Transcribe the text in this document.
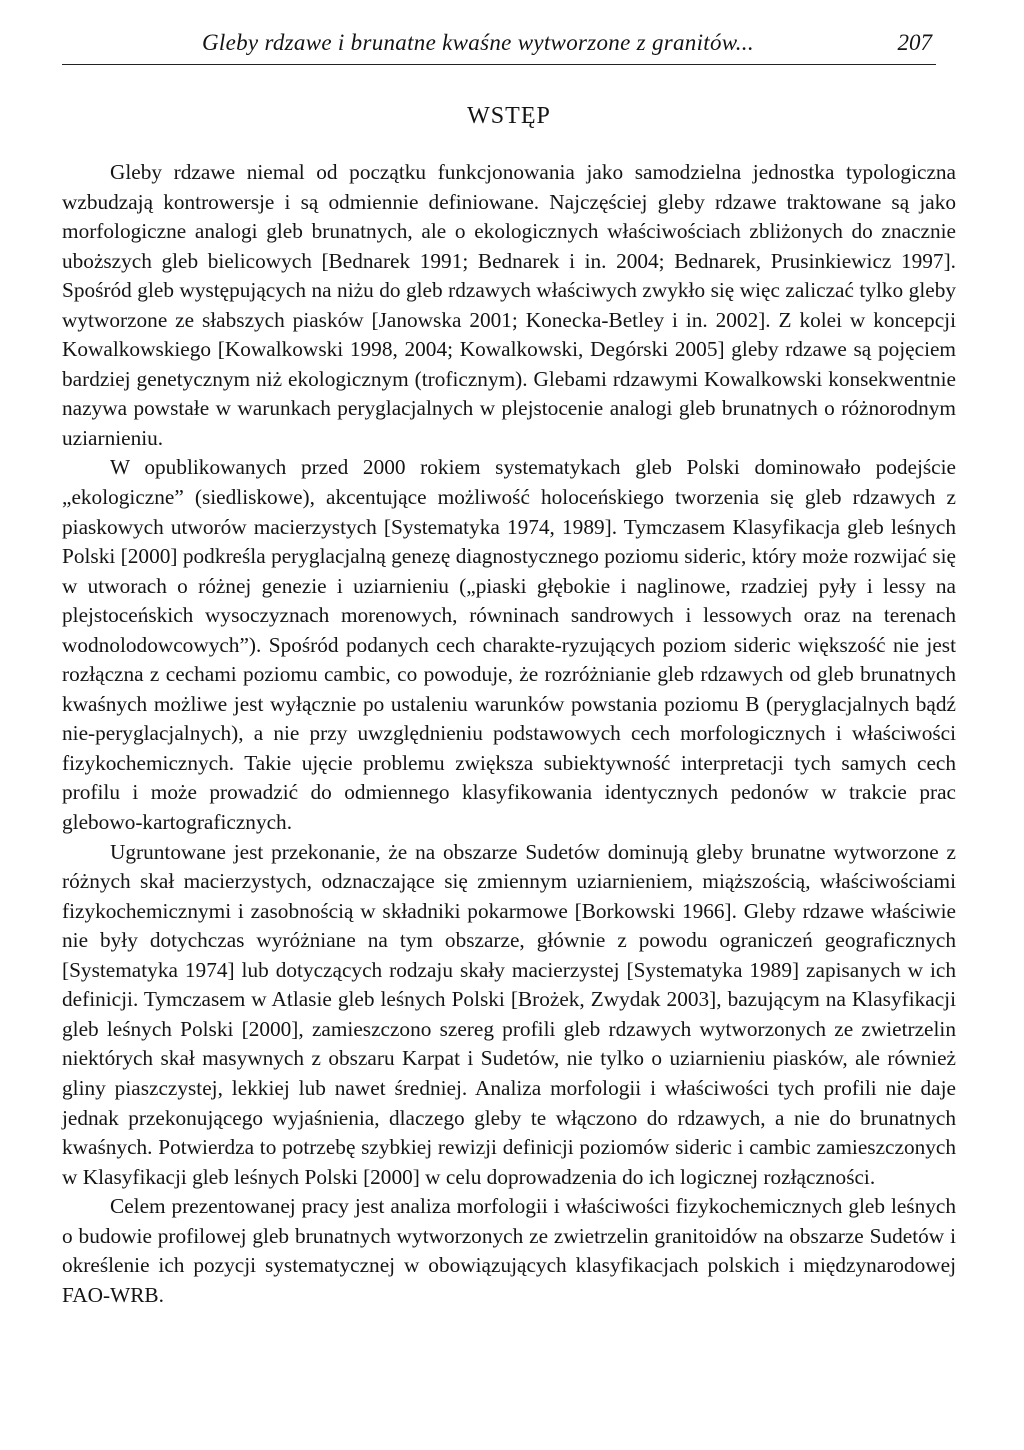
Gleby rdzawe i brunatne kwaśne wytworzone z granitów...	207
WSTĘP

Gleby rdzawe niemal od początku funkcjonowania jako samodzielna jednostka typologiczna wzbudzają kontrowersje i są odmiennie definiowane. Najczęściej gleby rdzawe traktowane są jako morfologiczne analogi gleb brunatnych, ale o ekologicznych właściwościach zbliżonych do znacznie uboższych gleb bielicowych [Bednarek 1991; Bednarek i in. 2004; Bednarek, Prusinkiewicz 1997]. Spośród gleb występujących na niżu do gleb rdzawych właściwych zwykło się więc zaliczać tylko gleby wytworzone ze słabszych piasków [Janowska 2001; Konecka-Betley i in. 2002]. Z kolei w koncepcji Kowalkowskiego [Kowalkowski 1998, 2004; Kowalkowski, Degórski 2005] gleby rdzawe są pojęciem bardziej genetycznym niż ekologicznym (troficznym). Glebami rdzawymi Kowalkowski konsekwentnie nazywa powstałe w warunkach peryglacjalnych w plejstocenie analogi gleb brunatnych o różnorodnym uziarnieniu.

W opublikowanych przed 2000 rokiem systematykach gleb Polski dominowało podejście „ekologiczne” (siedliskowe), akcentujące możliwość holoceńskiego tworzenia się gleb rdzawych z piaskowych utworów macierzystych [Systematyka 1974, 1989]. Tymczasem Klasyfikacja gleb leśnych Polski [2000] podkreśla peryglacjalną genezę diagnostycznego poziomu sideric, który może rozwijać się w utworach o różnej genezie i uziarnieniu („piaski głębokie i naglinowe, rzadziej pyły i lessy na plejstoceńskich wysoczyznach morenowych, równinach sandrowych i lessowych oraz na terenach wodnolodowcowych”). Spośród podanych cech charakte-ryzujących poziom sideric większość nie jest rozłączna z cechami poziomu cambic, co powoduje, że rozróżnianie gleb rdzawych od gleb brunatnych kwaśnych możliwe jest wyłącznie po ustaleniu warunków powstania poziomu B (peryglacjalnych bądź nie-peryglacjalnych), a nie przy uwzględnieniu podstawowych cech morfologicznych i właściwości fizykochemicznych. Takie ujęcie problemu zwiększa subiektywność interpretacji tych samych cech profilu i może prowadzić do odmiennego klasyfikowania identycznych pedonów w trakcie prac glebowo-kartograficznych.

Ugruntowane jest przekonanie, że na obszarze Sudetów dominują gleby brunatne wytworzone z różnych skał macierzystych, odznaczające się zmiennym uziarnieniem, miąższością, właściwościami fizykochemicznymi i zasobnością w składniki pokarmowe [Borkowski 1966]. Gleby rdzawe właściwie nie były dotychczas wyróżniane na tym obszarze, głównie z powodu ograniczeń geograficznych [Systematyka 1974] lub dotyczących rodzaju skały macierzystej [Systematyka 1989] zapisanych w ich definicji. Tymczasem w Atlasie gleb leśnych Polski [Brożek, Zwydak 2003], bazującym na Klasyfikacji gleb leśnych Polski [2000], zamieszczono szereg profili gleb rdzawych wytworzonych ze zwietrzelin niektórych skał masywnych z obszaru Karpat i Sudetów, nie tylko o uziarnieniu piasków, ale również gliny piaszczystej, lekkiej lub nawet średniej. Analiza morfologii i właściwości tych profili nie daje jednak przekonującego wyjaśnienia, dlaczego gleby te włączono do rdzawych, a nie do brunatnych kwaśnych. Potwierdza to potrzebę szybkiej rewizji definicji poziomów sideric i cambic zamieszczonych w Klasyfikacji gleb leśnych Polski [2000] w celu doprowadzenia do ich logicznej rozłączności.

Celem prezentowanej pracy jest analiza morfologii i właściwości fizykochemicznych gleb leśnych o budowie profilowej gleb brunatnych wytworzonych ze zwietrzelin granitoidów na obszarze Sudetów i określenie ich pozycji systematycznej w obowiązujących klasyfikacjach polskich i międzynarodowej FAO-WRB.
